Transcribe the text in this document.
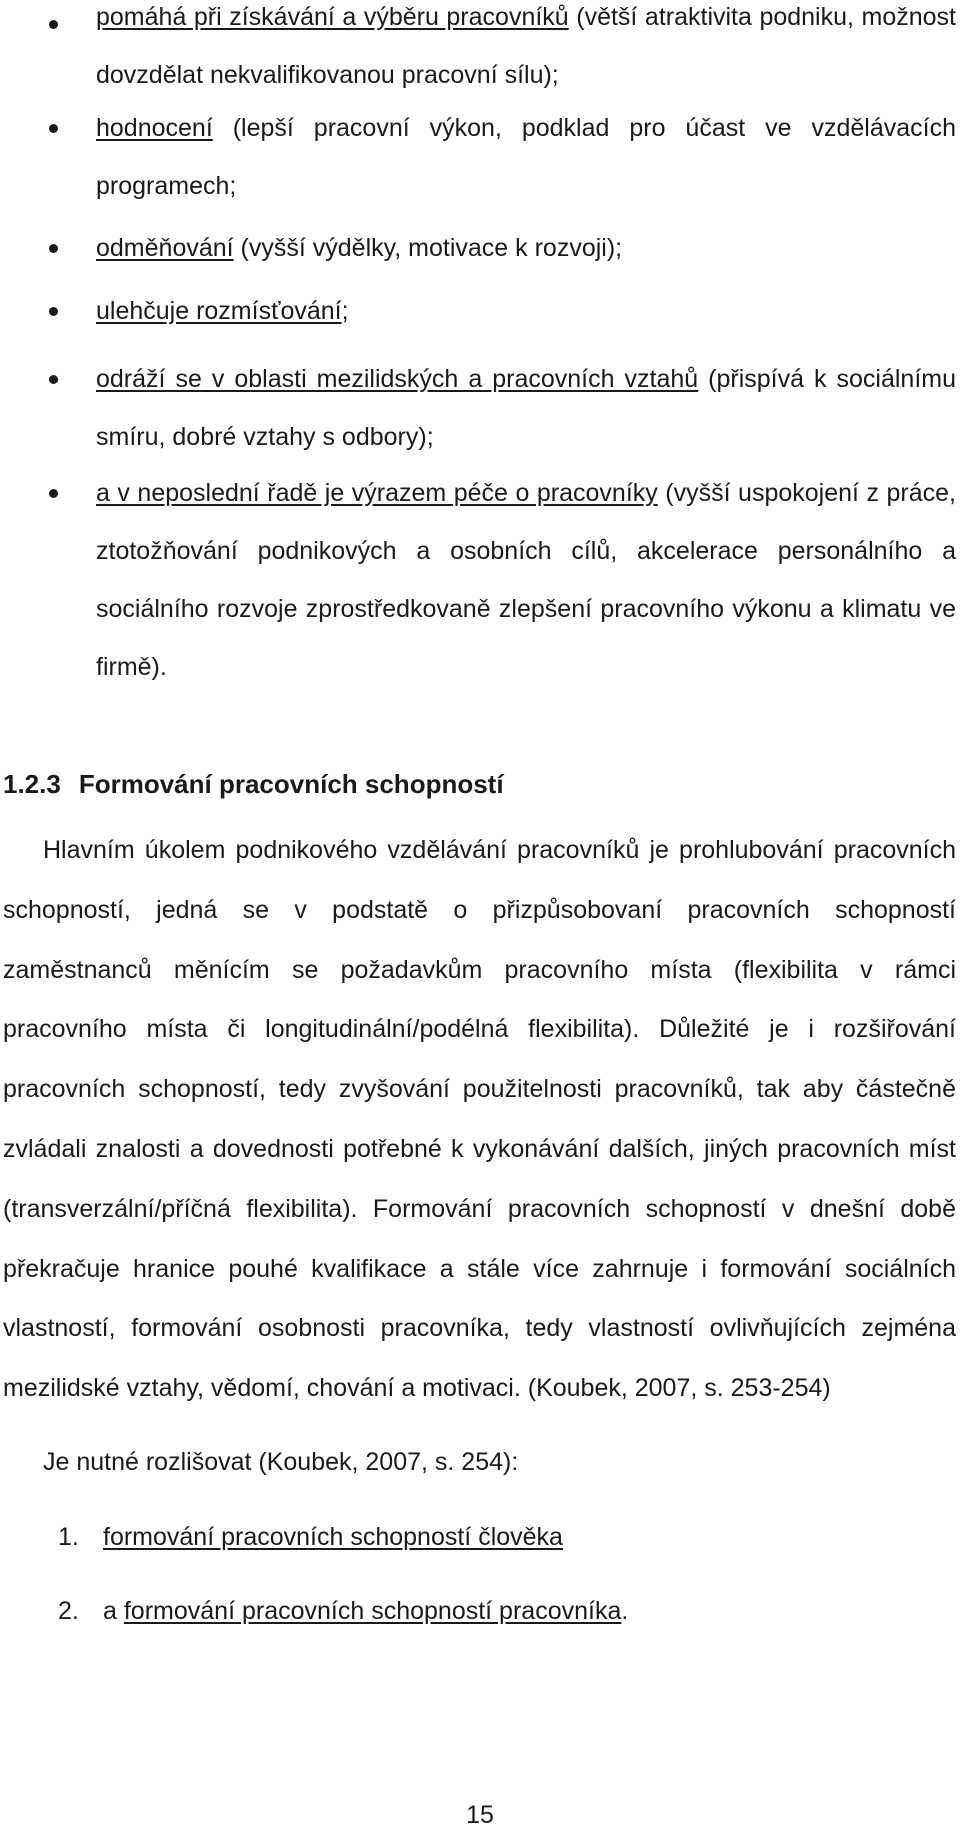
pomáhá při získávání a výběru pracovníků (větší atraktivita podniku, možnost dovzdělat nekvalifikovanou pracovní sílu);
hodnocení (lepší pracovní výkon, podklad pro účast ve vzdělávacích programech;
odměňování (vyšší výdělky, motivace k rozvoji);
ulehčuje rozmísťování;
odráží se v oblasti mezilidských a pracovních vztahů (přispívá k sociálnímu smíru, dobré vztahy s odbory);
a v neposlední řadě je výrazem péče o pracovníky (vyšší uspokojení z práce, ztotožňování podnikových a osobních cílů, akcelerace personálního a sociálního rozvoje zprostředkovaně zlepšení pracovního výkonu a klimatu ve firmě).
1.2.3 Formování pracovních schopností
Hlavním úkolem podnikového vzdělávání pracovníků je prohlubování pracovních schopností, jedná se v podstatě o přizpůsobovaní pracovních schopností zaměstnanců měnícím se požadavkům pracovního místa (flexibilita v rámci pracovního místa či longitudinální/podélná flexibilita). Důležité je i rozšiřování pracovních schopností, tedy zvyšování použitelnosti pracovníků, tak aby částečně zvládali znalosti a dovednosti potřebné k vykonávání dalších, jiných pracovních míst (transverzální/příčná flexibilita). Formování pracovních schopností v dnešní době překračuje hranice pouhé kvalifikace a stále více zahrnuje i formování sociálních vlastností, formování osobnosti pracovníka, tedy vlastností ovlivňujících zejména mezilidské vztahy, vědomí, chování a motivaci. (Koubek, 2007, s. 253-254)
Je nutné rozlišovat (Koubek, 2007, s. 254):
1. formování pracovních schopností člověka
2. a formování pracovních schopností pracovníka.
15
